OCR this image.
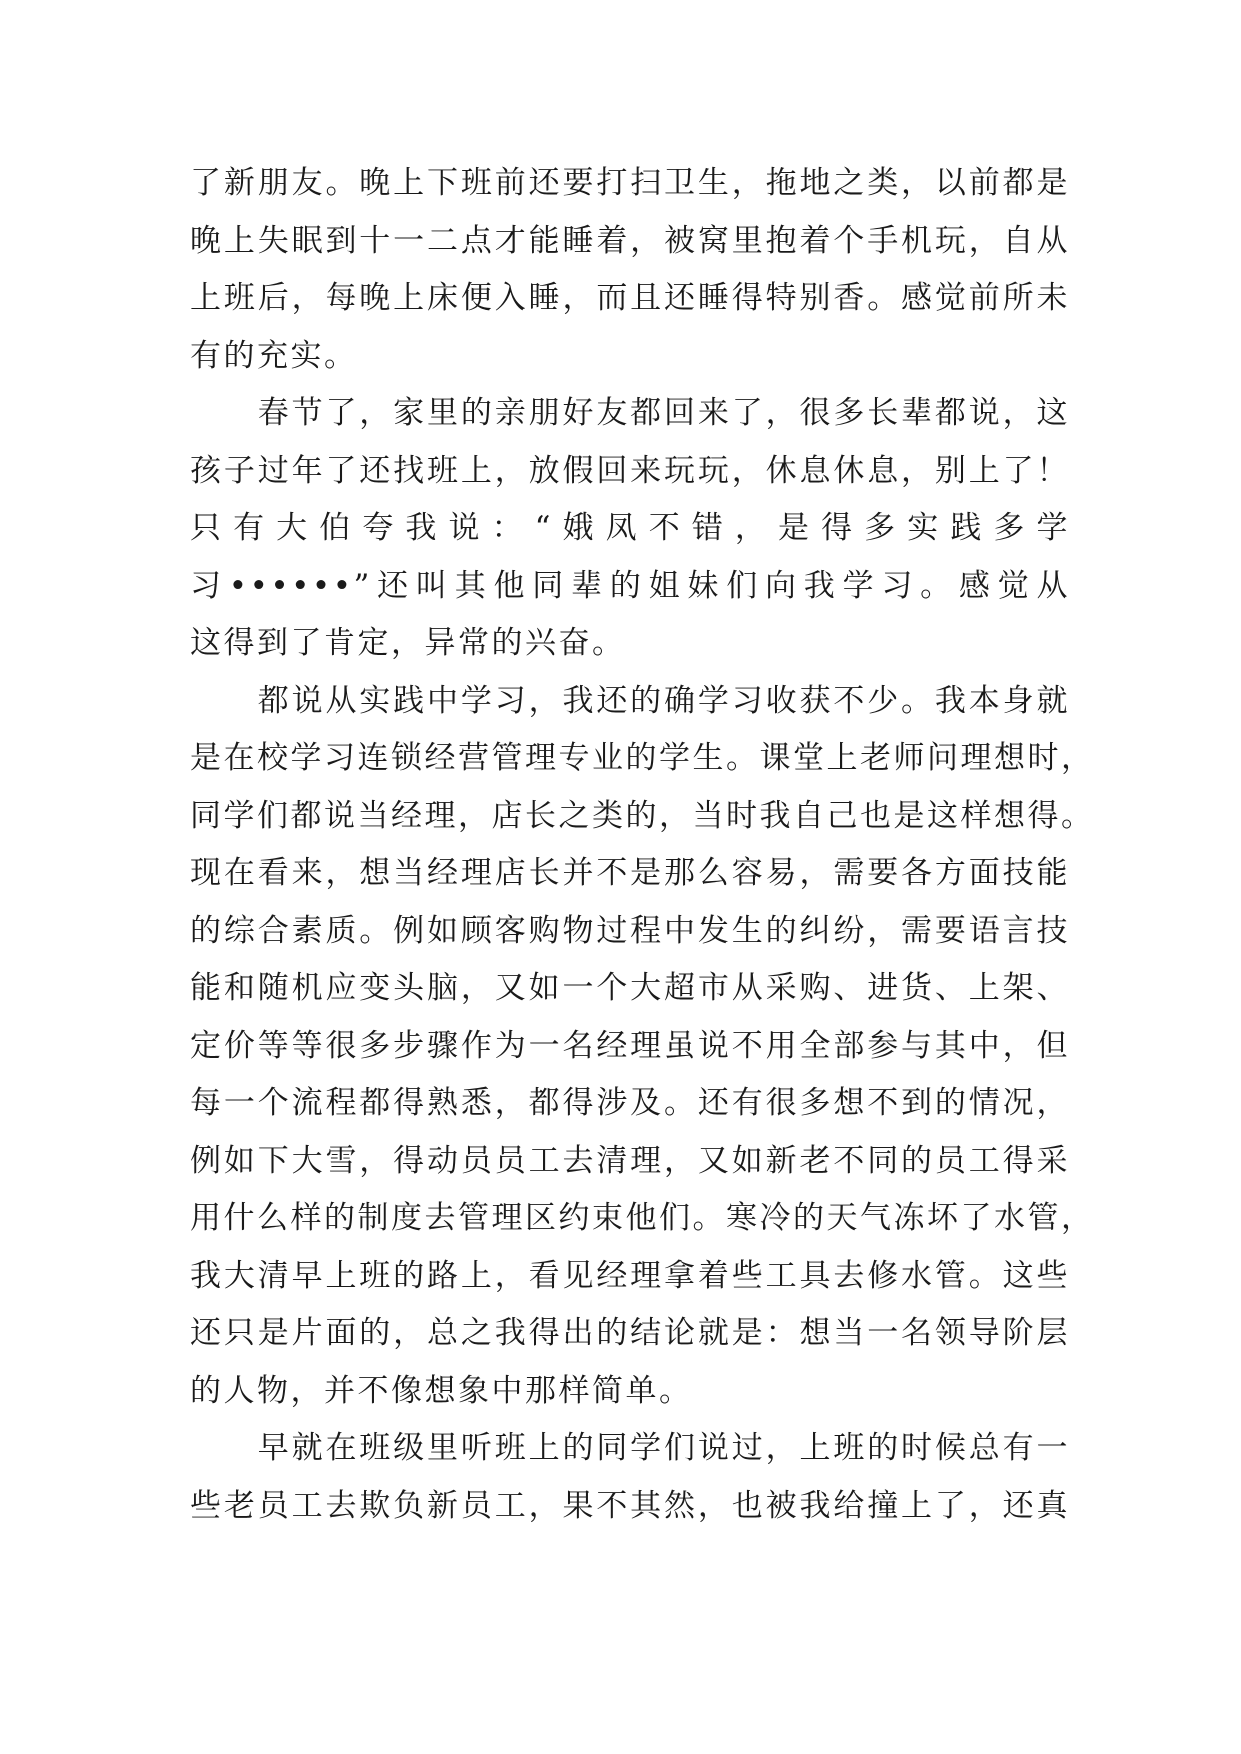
了新朋友。晚上下班前还要打扫卫生，拖地之类，以前都是
晚上失眠到十一二点才能睡着，被窝里抱着个手机玩，自从
上班后，每晚上床便入睡，而且还睡得特别香。感觉前所未
有的充实。
　　春节了，家里的亲朋好友都回来了，很多长辈都说，这
孩子过年了还找班上，放假回来玩玩，休息休息，别上了！
只有大伯夸我说：“娥凤不错，是得多实践多学
习••••••”还叫其他同辈的姐妹们向我学习。感觉从
这得到了肯定，异常的兴奋。
　　都说从实践中学习，我还的确学习收获不少。我本身就
是在校学习连锁经营管理专业的学生。课堂上老师问理想时，
同学们都说当经理，店长之类的，当时我自己也是这样想得。
现在看来，想当经理店长并不是那么容易，需要各方面技能
的综合素质。例如顾客购物过程中发生的纠纷，需要语言技
能和随机应变头脑，又如一个大超市从采购、进货、上架、
定价等等很多步骤作为一名经理虽说不用全部参与其中，但
每一个流程都得熟悉，都得涉及。还有很多想不到的情况，
例如下大雪，得动员员工去清理，又如新老不同的员工得采
用什么样的制度去管理区约束他们。寒冷的天气冻坏了水管，
我大清早上班的路上，看见经理拿着些工具去修水管。这些
还只是片面的，总之我得出的结论就是：想当一名领导阶层
的人物，并不像想象中那样简单。
　　早就在班级里听班上的同学们说过，上班的时候总有一
些老员工去欺负新员工，果不其然，也被我给撞上了，还真
